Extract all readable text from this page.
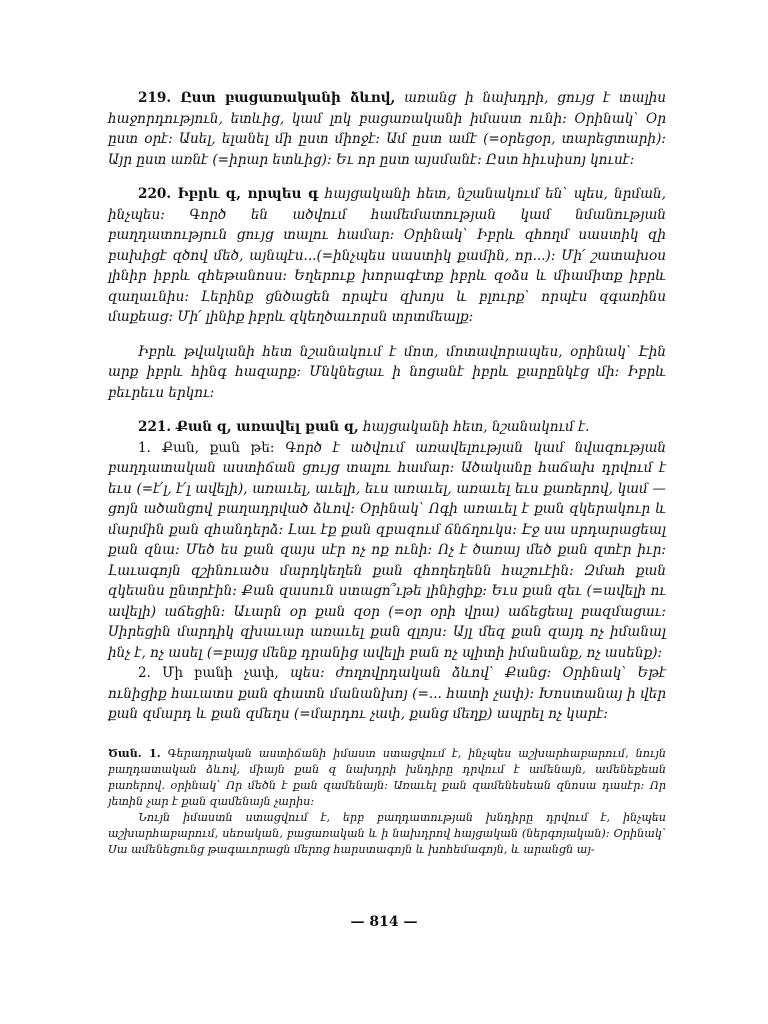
219. Ըստ բացառականի ձևով, առանց ի նախդրի, ցույց է տալիս հաջորդություն, ետևից, կամ լոկ բացառականի իմաստ ունի։ Օրինակ՝ Օր ըստ օրէ։ Ասել, ելանել մի ըստ միոջէ։ Ամ ըստ ամէ (=օրեցօր, տարեցտարի)։ Այր ըստ առնէ (=իրար ետևից)։ Եւ որ ըստ այսմանէ։ Ըստ հիւսիսոյ կուսէ։

220. Իբրև գ, որպես գ հայցականի հետ, նշանակում են՝ պես, նրման, ինչպես։ Գործ են ածվում համեմատության կամ նմանության բաղդատություն ցույց տալու համար։ Օրինակ՝ Իբրև զհողմ սաստիկ զի բախիցէ զծով մեծ, այնպէս...(=ինչպես սաստիկ քամին, որ...)։ Մի՛ շատախօս լինիր իբրև զհեթանոսս։ Եղերուք խորագէտք իբրև զօձս և միամիտք իբրև զաղաւնիս։ Լերինք ցնծացեն որպէս զխոյս և բլուրք՝ որպէս զգառինս մաքեաց։ Մի՛ լինիք իբրև զկեղծաւորսն տրտմեալք։

Իբրև թվականի հետ նշանակում է մոտ, մոտավորապես, օրինակ՝ Էին արք իբրև հինգ հազարք։ Մնկնեցաւ ի նոցանէ իբրև քարընկէց մի։ Իբրև բեւրեւս երկու։

221. Քան զ, առավել քան զ, հայցականի հետ, նշանակում է.

1. Քան, քան թե։ Գործ է ածվում առավելության կամ նվազության բաղդատական աստիճան ցույց տալու համար։ Ածականը հաճախ դրվում է եւս (=է՛լ, է՛լ ավելի), առաւել, աւելի, եւս առաւել, առաւել եւս քառերով, կամ —ցոյն ածանցով բաղադրված ձևով։ Օրինակ՝ Ոգի առաւել է քան զկերակուր և մարմին քան զհանդերձ։ Լաւ էք քան զբազում ճնճղուկս։ Էջ սա սրդարացեալ քան զնա։ Մեծ ես քան զայս սէր ոչ ոք ունի։ Ոչ է ծառայ մեծ քան զտէր իւր։ Լաւագոյն զշինուածս մարդկեղեն քան զհողեղենն հաշուէին։ Զմահ քան զկեանս ընտրէին։ Քան զասուն ստացո՞ւթե լինիցիք։ Եւս քան զեւ (=ավելի ու ավելի) աճեցին։ Աւարն օր քան զօր (=օր օրի վրա) աճեցեալ բազմացաւ։ Սիրեցին մարդիկ զխաւար առաւել քան զլոյս։ Այլ մեզ քան զայդ ոչ իմանալ ինչ է, ոչ ասել (=բայց մենք դրանից ավելի բան ոչ պիտի իմանանք, ոչ ասենք)։

2. Մի բանի չափ, պես։ ժողովրդական ձևով՝ Քանց։ Օրինակ՝ Եթէ ունիցիք հաւատս քան զհատն մանանխոյ (=... հատի չափ)։ Խոստանայ ի վեր քան զմարդ և քան զմեղս (=մարդու չափ, քանց մեղք) ապրել ոչ կարէ։

Ծան. 1. Գերադրական աստիճանի իմաստ ստացվում է, ինչպես աշխարհաբարում, նույն բաղդատական ձևով, միայն քան զ նախդրի խնդիրը դրվում է ամենայն, ամենեքեան բառերով. օրինակ՝ Որ մեծն է քան զամենայն։ Առաւել քան զամենեսեան զնոսա դասէր։ Որ յետին չար է քան զամենայն չարիս։

Նույն իմաստն ստացվում է, երբ բաղդատության խնդիրը դրվում է, ինչպես աշխարհաբարում, սեռական, բացառական և ի նախդրով հայցական (ներգոյական)։ Օրինակ՝ Սա ամենեցունց թագաւորացն մերոց հարստագոյն և խոհեմագոյն, և արանցն այ-

— 814 —
